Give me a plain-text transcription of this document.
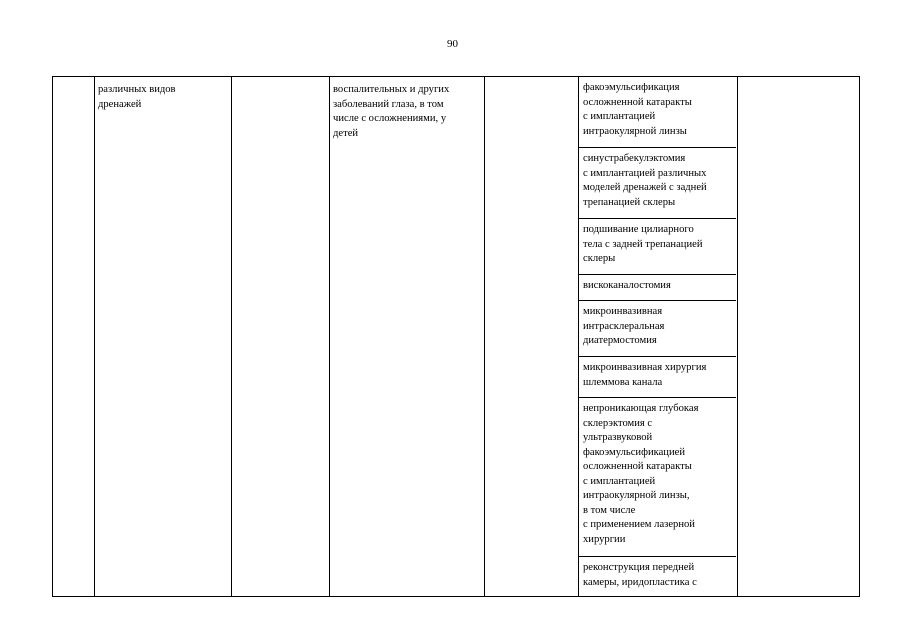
90
различных видов
дренажей
воспалительных и других
заболеваний глаза, в том
числе с осложнениями, у
детей
факоэмульсификация
осложненной катаракты
с имплантацией
интраокулярной линзы
синустрабекулэктомия
с имплантацией различных
моделей дренажей с задней
трепанацией склеры
подшивание цилиарного
тела с задней трепанацией
склеры
вискоканалостомия
микроинвазивная
интрасклеральная
диатермостомия
микроинвазивная хирургия
шлеммова канала
непроникающая глубокая
склерэктомия с
ультразвуковой
факоэмульсификацией
осложненной катаракты
с имплантацией
интраокулярной линзы,
в том числе
с применением лазерной
хирургии
реконструкция передней
камеры, иридопластика с
